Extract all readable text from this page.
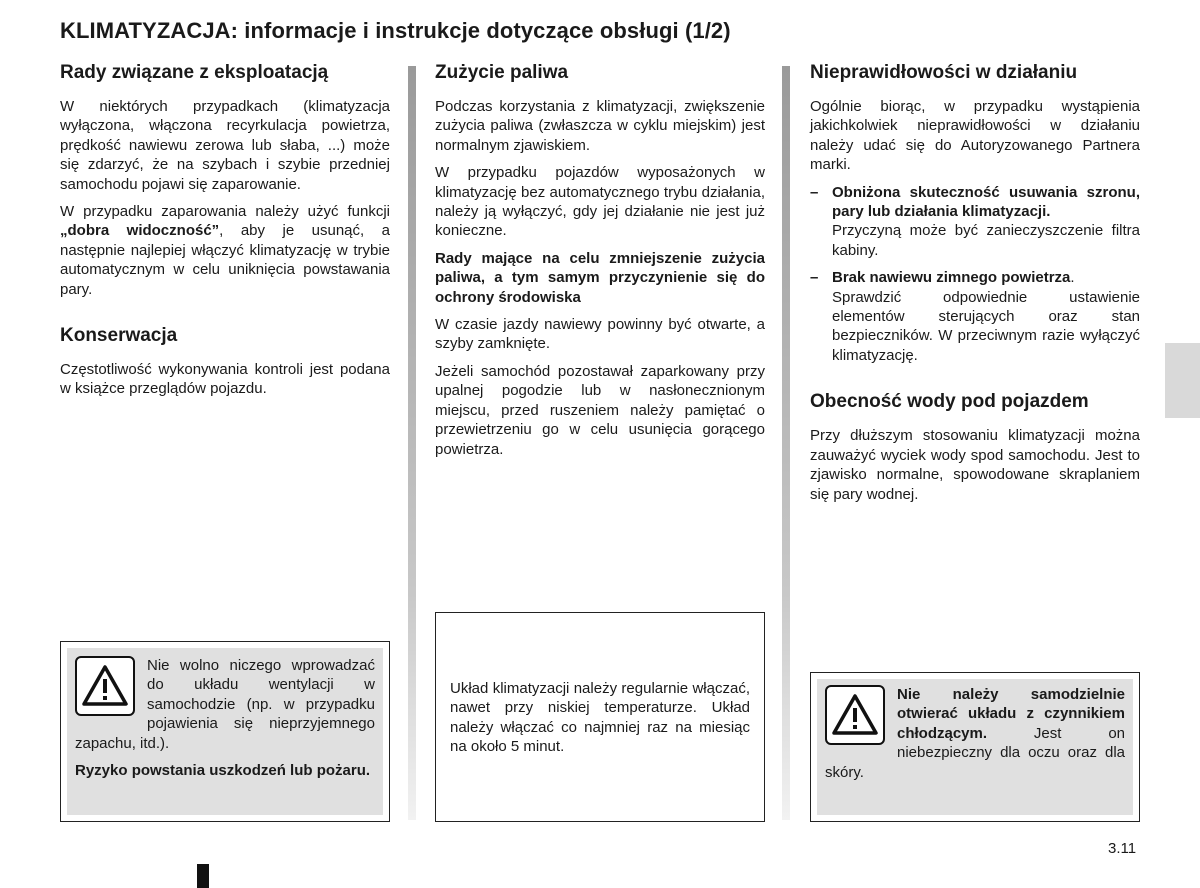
KLIMATYZACJA: informacje i instrukcje dotyczące obsługi (1/2)
Rady związane z eksploatacją

W niektórych przypadkach (klimatyzacja wyłączona, włączona recyrkulacja powietrza, prędkość nawiewu zerowa lub słaba, ...) może się zdarzyć, że na szybach i szybie przedniej samochodu pojawi się zaparowanie.

W przypadku zaparowania należy użyć funkcji „dobra widoczność”, aby je usunąć, a następnie najlepiej włączyć klimatyzację w trybie automatycznym w celu uniknięcia powstawania pary.

Konserwacja

Częstotliwość wykonywania kontroli jest podana w książce przeglądów pojazdu.

Zużycie paliwa

Podczas korzystania z klimatyzacji, zwiększenie zużycia paliwa (zwłaszcza w cyklu miejskim) jest normalnym zjawiskiem.

W przypadku pojazdów wyposażonych w klimatyzację bez automatycznego trybu działania, należy ją wyłączyć, gdy jej działanie nie jest już konieczne.

Rady mające na celu zmniejszenie zużycia paliwa, a tym samym przyczynienie się do ochrony środowiska

W czasie jazdy nawiewy powinny być otwarte, a szyby zamknięte.

Jeżeli samochód pozostawał zaparkowany przy upalnej pogodzie lub w nasłonecznionym miejscu, przed ruszeniem należy pamiętać o przewietrzeniu go w celu usunięcia gorącego powietrza.

Nieprawidłowości w działaniu

Ogólnie biorąc, w przypadku wystąpienia jakichkolwiek nieprawidłowości w działaniu należy udać się do Autoryzowanego Partnera marki.

– Obniżona skuteczność usuwania szronu, pary lub działania klimatyzacji.
Przyczyną może być zanieczyszczenie filtra kabiny.
– Brak nawiewu zimnego powietrza.
Sprawdzić odpowiednie ustawienie elementów sterujących oraz stan bezpieczników. W przeciwnym razie wyłączyć klimatyzację.
Obecność wody pod pojazdem

Przy dłuższym stosowaniu klimatyzacji można zauważyć wyciek wody spod samochodu. Jest to zjawisko normalne, spowodowane skraplaniem się pary wodnej.

Nie wolno niczego wprowadzać do układu wentylacji w samochodzie (np. w przypadku pojawienia się nieprzyjemnego zapachu, itd.).

Ryzyko powstania uszkodzeń lub pożaru.

Układ klimatyzacji należy regularnie włączać, nawet przy niskiej temperaturze. Układ należy włączać co najmniej raz na miesiąc na około 5 minut.
Nie należy samodzielnie otwierać układu z czynnikiem chłodzącym. Jest on niebezpieczny dla oczu oraz dla skóry.
3.11
